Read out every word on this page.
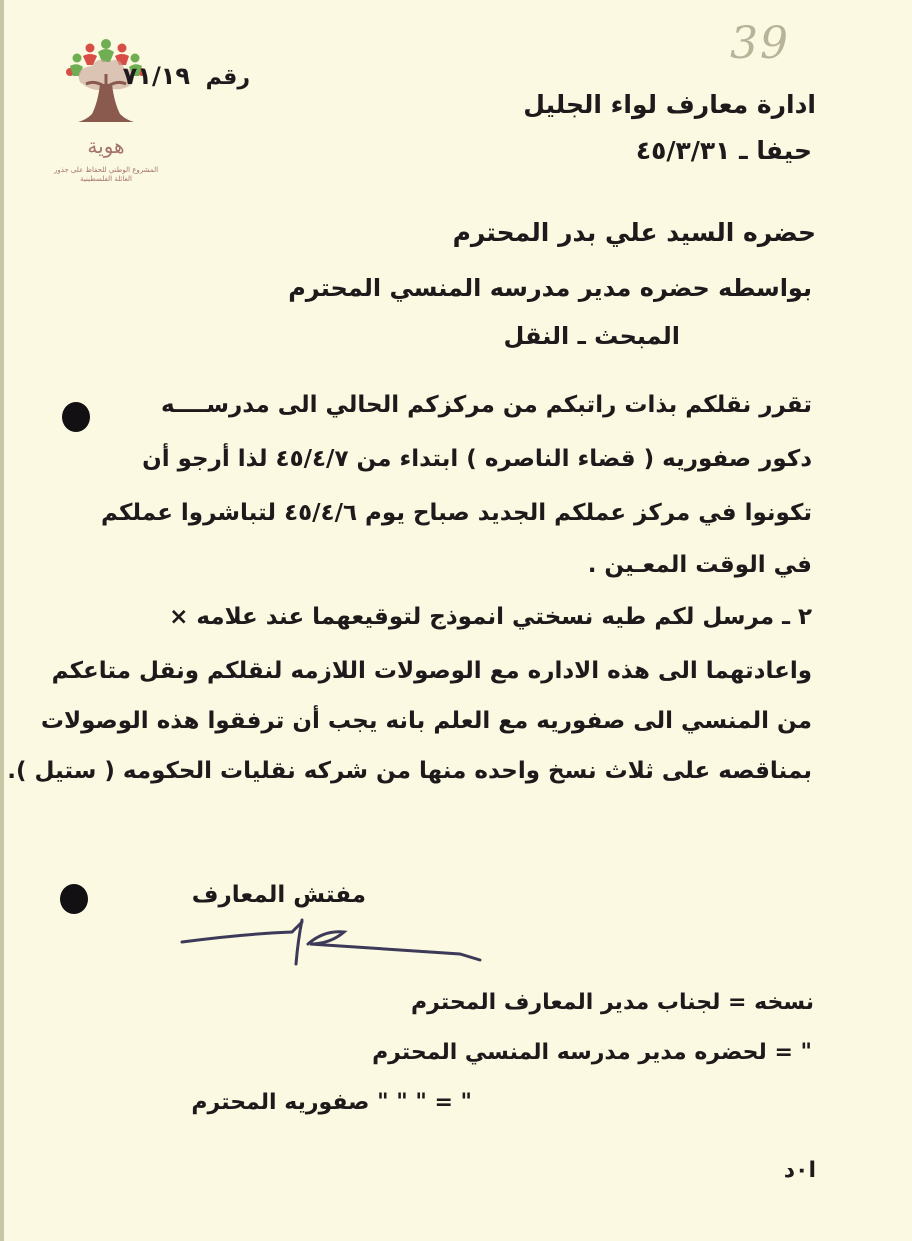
39
هوية
المشروع الوطني للحفاظ على جذور العائلة الفلسطينية
رقم ٧١/١٩
ادارة معارف لواء الجليل
حيفا ـ ٤٥/٣/٣١
حضره السيد علي بدر المحترم
بواسطه حضره مدير مدرسه المنسي المحترم
المبحث ـ النقل
تقرر نقلكم بذات راتبكم من مركزكم الحالي الى مدرســــه
دكور صفوريه ( قضاء الناصره ) ابتداء من ٤٥/٤/٧ لذا أرجو أن
تكونوا في مركز عملكم الجديد صباح يوم ٤٥/٤/٦ لتباشروا عملكم
في الوقت المعـين .
٢ ـ مرسل لكم طيه نسختي انموذج لتوقيعهما عند علامه ×
واعادتهما الى هذه الاداره مع الوصولات اللازمه لنقلكم ونقل متاعكم
من المنسي الى صفوريه مع العلم بانه يجب أن ترفقوا هذه الوصولات
بمناقصه على ثلاث نسخ واحده منها من شركه نقليات الحكومه ( ستيل ).
مفتش المعارف
نسخه = لجناب مدير المعارف المحترم
" = لحضره مدير مدرسه المنسي المحترم
" = " " " صفوريه المحترم
ا٠د
